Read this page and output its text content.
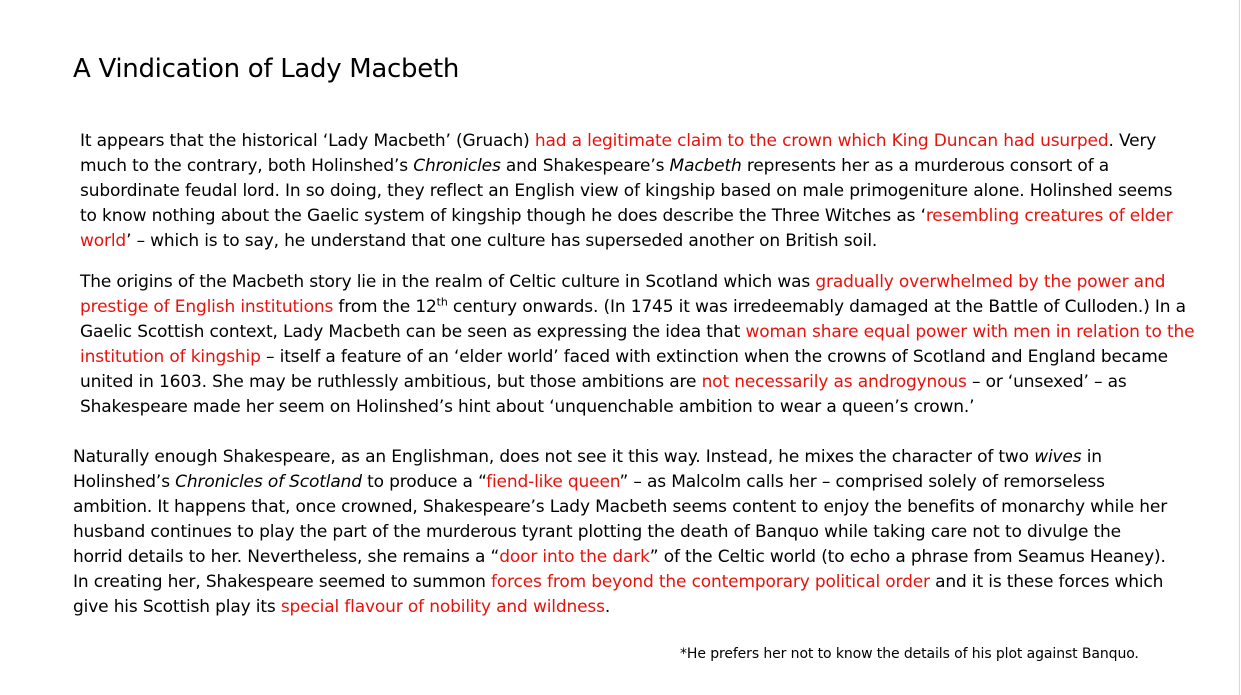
A Vindication of Lady Macbeth

It appears that the historical ‘Lady Macbeth’ (Gruach) had a legitimate claim to the crown which King Duncan had usurped. Very much to the contrary, both Holinshed’s Chronicles and Shakespeare’s Macbeth represents her as a murderous consort of a subordinate feudal lord. In so doing, they reflect an English view of kingship based on male primogeniture alone. Holinshed seems to know nothing about the Gaelic system of kingship though he does describe the Three Witches as ‘resembling creatures of elder world’ – which is to say, he understand that one culture has superseded another on British soil.

The origins of the Macbeth story lie in the realm of Celtic culture in Scotland which was gradually overwhelmed by the power and prestige of English institutions from the 12th century onwards. (In 1745 it was irredeemably damaged at the Battle of Culloden.) In a Gaelic Scottish context, Lady Macbeth can be seen as expressing the idea that woman share equal power with men in relation to the institution of kingship – itself a feature of an ‘elder world’ faced with extinction when the crowns of Scotland and England became united in 1603. She may be ruthlessly ambitious, but those ambitions are not necessarily as androgynous – or ‘unsexed’ – as Shakespeare made her seem on Holinshed’s hint about ‘unquenchable ambition to wear a queen’s crown.’

Naturally enough Shakespeare, as an Englishman, does not see it this way. Instead, he mixes the character of two wives in Holinshed’s Chronicles of Scotland to produce a “fiend-like queen” – as Malcolm calls her – comprised solely of remorseless ambition. It happens that, once crowned, Shakespeare’s Lady Macbeth seems content to enjoy the benefits of monarchy while her husband continues to play the part of the murderous tyrant plotting the death of Banquo while taking care not to divulge the horrid details to her. Nevertheless, she remains a “door into the dark” of the Celtic world (to echo a phrase from Seamus Heaney). In creating her, Shakespeare seemed to summon forces from beyond the contemporary political order and it is these forces which give his Scottish play its special flavour of nobility and wildness.

*He prefers her not to know the details of his plot against Banquo.
